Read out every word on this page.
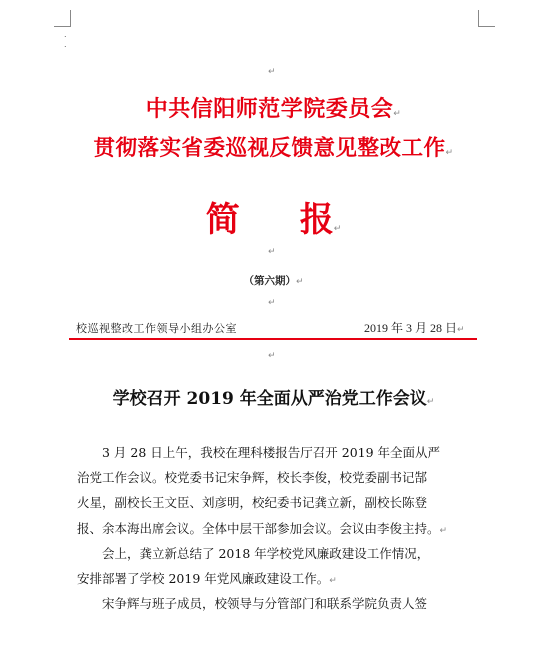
.
.
↵
中共信阳师范学院委员会↵
贯彻落实省委巡视反馈意见整改工作↵
简 报↵
↵
（第六期）↵
↵
校巡视整改工作领导小组办公室	2019 年 3 月 28 日↵
↵
学校召开 2019 年全面从严治党工作会议↵
3 月 28 日上午，我校在理科楼报告厅召开 2019 年全面从严
治党工作会议。校党委书记宋争辉，校长李俊，校党委副书记郜
火星，副校长王文臣、刘彦明，校纪委书记龚立新，副校长陈登
报、余本海出席会议。全体中层干部参加会议。会议由李俊主持。↵
会上，龚立新总结了 2018 年学校党风廉政建设工作情况，
安排部署了学校 2019 年党风廉政建设工作。↵
宋争辉与班子成员，校领导与分管部门和联系学院负责人签
